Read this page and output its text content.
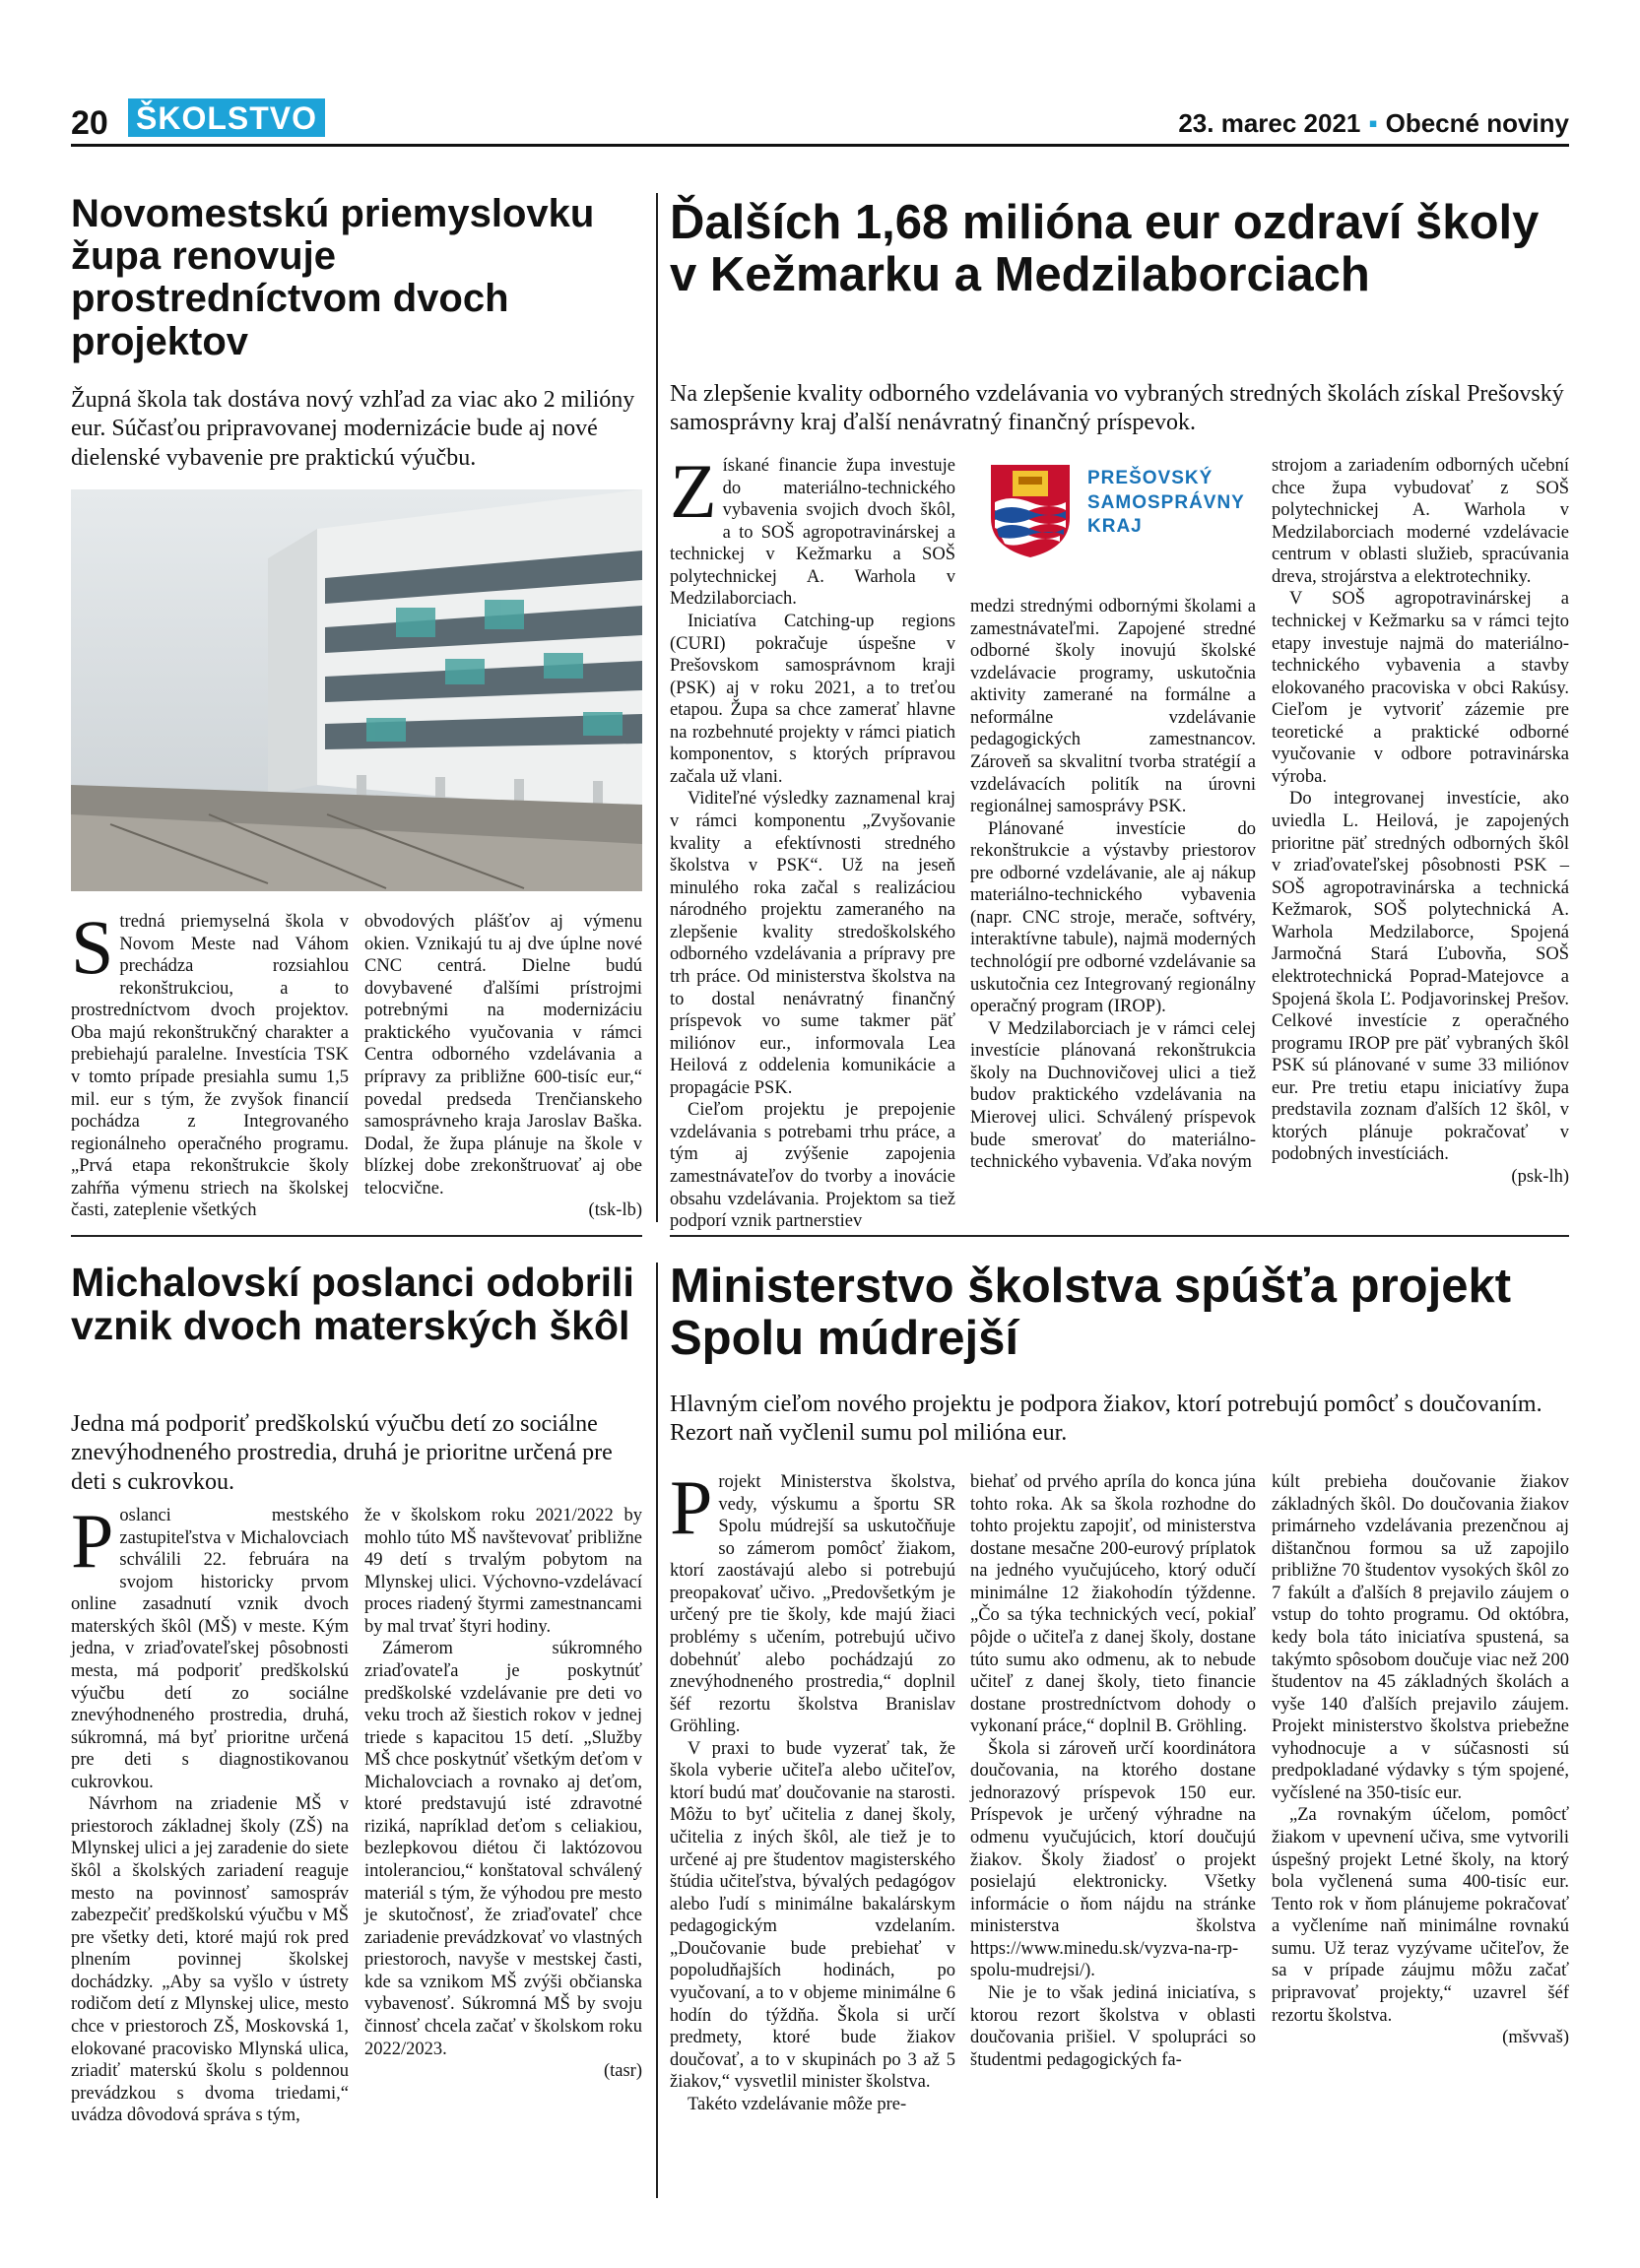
20 ŠKOLSTVO	23. marec 2021 ▪ Obecné noviny
Novomestskú priemyslovku župa renovuje prostredníctvom dvoch projektov

Župná škola tak dostáva nový vzhľad za viac ako 2 milióny eur. Súčasťou pripravovanej modernizácie bude aj nové dielenské vybavenie pre praktickú výučbu.

Stredná priemyselná škola v Novom Meste nad Váhom prechádza rozsiahlou rekonštrukciou, a to prostredníctvom dvoch projektov. Oba majú rekonštrukčný charakter a prebiehajú paralelne. Investícia TSK v tomto prípade presiahla sumu 1,5 mil. eur s tým, že zvyšok financií pochádza z Integrovaného regionálneho operačného programu. „Prvá etapa rekonštrukcie školy zahŕňa výmenu striech na školskej časti, zateplenie všetkých

obvodových plášťov aj výmenu okien. Vznikajú tu aj dve úplne nové CNC centrá. Dielne budú dovybavené ďalšími prístrojmi potrebnými na modernizáciu praktického vyučovania v rámci Centra odborného vzdelávania a prípravy za približne 600-tisíc eur,“ povedal predseda Trenčianskeho samosprávneho kraja Jaroslav Baška. Dodal, že župa plánuje na škole v blízkej dobe zrekonštruovať aj obe telocvične.

(tsk-lb)
Ďalších 1,68 milióna eur ozdraví školy v Kežmarku a Medzilaborciach

Na zlepšenie kvality odborného vzdelávania vo vybraných stredných školách získal Prešovský samosprávny kraj ďalší nenávratný finančný príspevok.

Získané financie župa investuje do materiálno-technického vybavenia svojich dvoch škôl, a to SOŠ agropotravinárskej a technickej v Kežmarku a SOŠ polytechnickej A. Warhola v Medzilaborciach.

Iniciatíva Catching-up regions (CURI) pokračuje úspešne v Prešovskom samosprávnom kraji (PSK) aj v roku 2021, a to treťou etapou. Župa sa chce zamerať hlavne na rozbehnuté projekty v rámci piatich komponentov, s ktorých prípravou začala už vlani.

Viditeľné výsledky zaznamenal kraj v rámci komponentu „Zvyšovanie kvality a efektívnosti stredného školstva v PSK“. Už na jeseň minulého roka začal s realizáciou národného projektu zameraného na zlepšenie kvality stredoškolského odborného vzdelávania a prípravy pre trh práce. Od ministerstva školstva na to dostal nenávratný finančný príspevok vo sume takmer päť miliónov eur., informovala Lea Heilová z oddelenia komunikácie a propagácie PSK.

Cieľom projektu je prepojenie vzdelávania s potrebami trhu práce, a tým aj zvýšenie zapojenia zamestnávateľov do tvorby a inovácie obsahu vzdelávania. Projektom sa tiež podporí vznik partnerstiev

PREŠOVSKÝ
SAMOSPRÁVNY
KRAJ

medzi strednými odbornými školami a zamestnávateľmi. Zapojené stredné odborné školy inovujú školské vzdelávacie programy, uskutočnia aktivity zamerané na formálne a neformálne vzdelávanie pedagogických zamestnancov. Zároveň sa skvalitní tvorba stratégií a vzdelávacích politík na úrovni regionálnej samosprávy PSK.

Plánované investície do rekonštrukcie a výstavby priestorov pre odborné vzdelávanie, ale aj nákup materiálno-technického vybavenia (napr. CNC stroje, merače, softvéry, interaktívne tabule), najmä moderných technológií pre odborné vzdelávanie sa uskutočnia cez Integrovaný regionálny operačný program (IROP).

V Medzilaborciach je v rámci celej investície plánovaná rekonštrukcia školy na Duchnovičovej ulici a tiež budov praktického vzdelávania na Mierovej ulici. Schválený príspevok bude smerovať do materiálno-technického vybavenia. Vďaka novým

strojom a zariadením odborných učební chce župa vybudovať z SOŠ polytechnickej A. Warhola v Medzilaborciach moderné vzdelávacie centrum v oblasti služieb, spracúvania dreva, strojárstva a elektrotechniky.

V SOŠ agropotravinárskej a technickej v Kežmarku sa v rámci tejto etapy investuje najmä do materiálno-technického vybavenia a stavby elokovaného pracoviska v obci Rakúsy. Cieľom je vytvoriť zázemie pre teoretické a praktické odborné vyučovanie v odbore potravinárska výroba.

Do integrovanej investície, ako uviedla L. Heilová, je zapojených prioritne päť stredných odborných škôl v zriaďovateľskej pôsobnosti PSK – SOŠ agropotravinárska a technická Kežmarok, SOŠ polytechnická A. Warhola Medzilaborce, Spojená Jarmočná Stará Ľubovňa, SOŠ elektrotechnická Poprad-Matejovce a Spojená škola Ľ. Podjavorinskej Prešov. Celkové investície z operačného programu IROP pre päť vybraných škôl PSK sú plánované v sume 33 miliónov eur. Pre tretiu etapu iniciatívy župa predstavila zoznam ďalších 12 škôl, v ktorých plánuje pokračovať v podobných investíciách.

(psk-lh)
Michalovskí poslanci odobrili vznik dvoch materských škôl

Jedna má podporiť predškolskú výučbu detí zo sociálne znevýhodneného prostredia, druhá je prioritne určená pre deti s cukrovkou.

Poslanci mestského zastupiteľstva v Michalovciach schválili 22. februára na svojom historicky prvom online zasadnutí vznik dvoch materských škôl (MŠ) v meste. Kým jedna, v zriaďovateľskej pôsobnosti mesta, má podporiť predškolskú výučbu detí zo sociálne znevýhodneného prostredia, druhá, súkromná, má byť prioritne určená pre deti s diagnostikovanou cukrovkou.

Návrhom na zriadenie MŠ v priestoroch základnej školy (ZŠ) na Mlynskej ulici a jej zaradenie do siete škôl a školských zariadení reaguje mesto na povinnosť samospráv zabezpečiť predškolskú výučbu v MŠ pre všetky deti, ktoré majú rok pred plnením povinnej školskej dochádzky. „Aby sa vyšlo v ústrety rodičom detí z Mlynskej ulice, mesto chce v priestoroch ZŠ, Moskovská 1, elokované pracovisko Mlynská ulica, zriadiť materskú školu s poldennou prevádzkou s dvoma triedami,“ uvádza dôvodová správa s tým,

že v školskom roku 2021/2022 by mohlo túto MŠ navštevovať približne 49 detí s trvalým pobytom na Mlynskej ulici. Výchovno-vzdelávací proces riadený štyrmi zamestnancami by mal trvať štyri hodiny.

Zámerom súkromného zriaďovateľa je poskytnúť predškolské vzdelávanie pre deti vo veku troch až šiestich rokov v jednej triede s kapacitou 15 detí. „Služby MŠ chce poskytnúť všetkým deťom v Michalovciach a rovnako aj deťom, ktoré predstavujú isté zdravotné riziká, napríklad deťom s celiakiou, bezlepkovou diétou či laktózovou intoleranciou,“ konštatoval schválený materiál s tým, že výhodou pre mesto je skutočnosť, že zriaďovateľ chce zariadenie prevádzkovať vo vlastných priestoroch, navyše v mestskej časti, kde sa vznikom MŠ zvýši občianska vybavenosť. Súkromná MŠ by svoju činnosť chcela začať v školskom roku 2022/2023.

(tasr)
Ministerstvo školstva spúšťa projekt Spolu múdrejší

Hlavným cieľom nového projektu je podpora žiakov, ktorí potrebujú pomôcť s doučovaním. Rezort naň vyčlenil sumu pol milióna eur.

Projekt Ministerstva školstva, vedy, výskumu a športu SR Spolu múdrejší sa uskutočňuje so zámerom pomôcť žiakom, ktorí zaostávajú alebo si potrebujú preopakovať učivo. „Predovšetkým je určený pre tie školy, kde majú žiaci problémy s učením, potrebujú učivo dobehnúť alebo pochádzajú zo znevýhodneného prostredia,“ doplnil šéf rezortu školstva Branislav Gröhling.

V praxi to bude vyzerať tak, že škola vyberie učiteľa alebo učiteľov, ktorí budú mať doučovanie na starosti. Môžu to byť učitelia z danej školy, učitelia z iných škôl, ale tiež je to určené aj pre študentov magisterského štúdia učiteľstva, bývalých pedagógov alebo ľudí s minimálne bakalárskym pedagogickým vzdelaním. „Doučovanie bude prebiehať v popoludňajších hodinách, po vyučovaní, a to v objeme minimálne 6 hodín do týždňa. Škola si určí predmety, ktoré bude žiakov doučovať, a to v skupinách po 3 až 5 žiakov,“ vysvetlil minister školstva.

Takéto vzdelávanie môže pre-

biehať od prvého apríla do konca júna tohto roka. Ak sa škola rozhodne do tohto projektu zapojiť, od ministerstva dostane mesačne 200-eurový príplatok na jedného vyučujúceho, ktorý odučí minimálne 12 žiakohodín týždenne. „Čo sa týka technických vecí, pokiaľ pôjde o učiteľa z danej školy, dostane túto sumu ako odmenu, ak to nebude učiteľ z danej školy, tieto financie dostane prostredníctvom dohody o vykonaní práce,“ doplnil B. Gröhling.

Škola si zároveň určí koordinátora doučovania, na ktorého dostane jednorazový príspevok 150 eur. Príspevok je určený výhradne na odmenu vyučujúcich, ktorí doučujú žiakov. Školy žiadosť o projekt posielajú elektronicky. Všetky informácie o ňom nájdu na stránke ministerstva školstva https://www.minedu.sk/vyzva-na-rp-spolu-mudrejsi/).

Nie je to však jediná iniciatíva, s ktorou rezort školstva v oblasti doučovania prišiel. V spolupráci so študentmi pedagogických fa-

kúlt prebieha doučovanie žiakov základných škôl. Do doučovania žiakov primárneho vzdelávania prezenčnou aj dištančnou formou sa už zapojilo približne 70 študentov vysokých škôl zo 7 fakúlt a ďalších 8 prejavilo záujem o vstup do tohto programu. Od októbra, kedy bola táto iniciatíva spustená, sa takýmto spôsobom doučuje viac než 200 študentov na 45 základných školách a vyše 140 ďalších prejavilo záujem. Projekt ministerstvo školstva priebežne vyhodnocuje a v súčasnosti sú predpokladané výdavky s tým spojené, vyčíslené na 350-tisíc eur.

„Za rovnakým účelom, pomôcť žiakom v upevnení učiva, sme vytvorili úspešný projekt Letné školy, na ktorý bola vyčlenená suma 400-tisíc eur. Tento rok v ňom plánujeme pokračovať a vyčleníme naň minimálne rovnakú sumu. Už teraz vyzývame učiteľov, že sa v prípade záujmu môžu začať pripravovať projekty,“ uzavrel šéf rezortu školstva.

(mšvvaš)
